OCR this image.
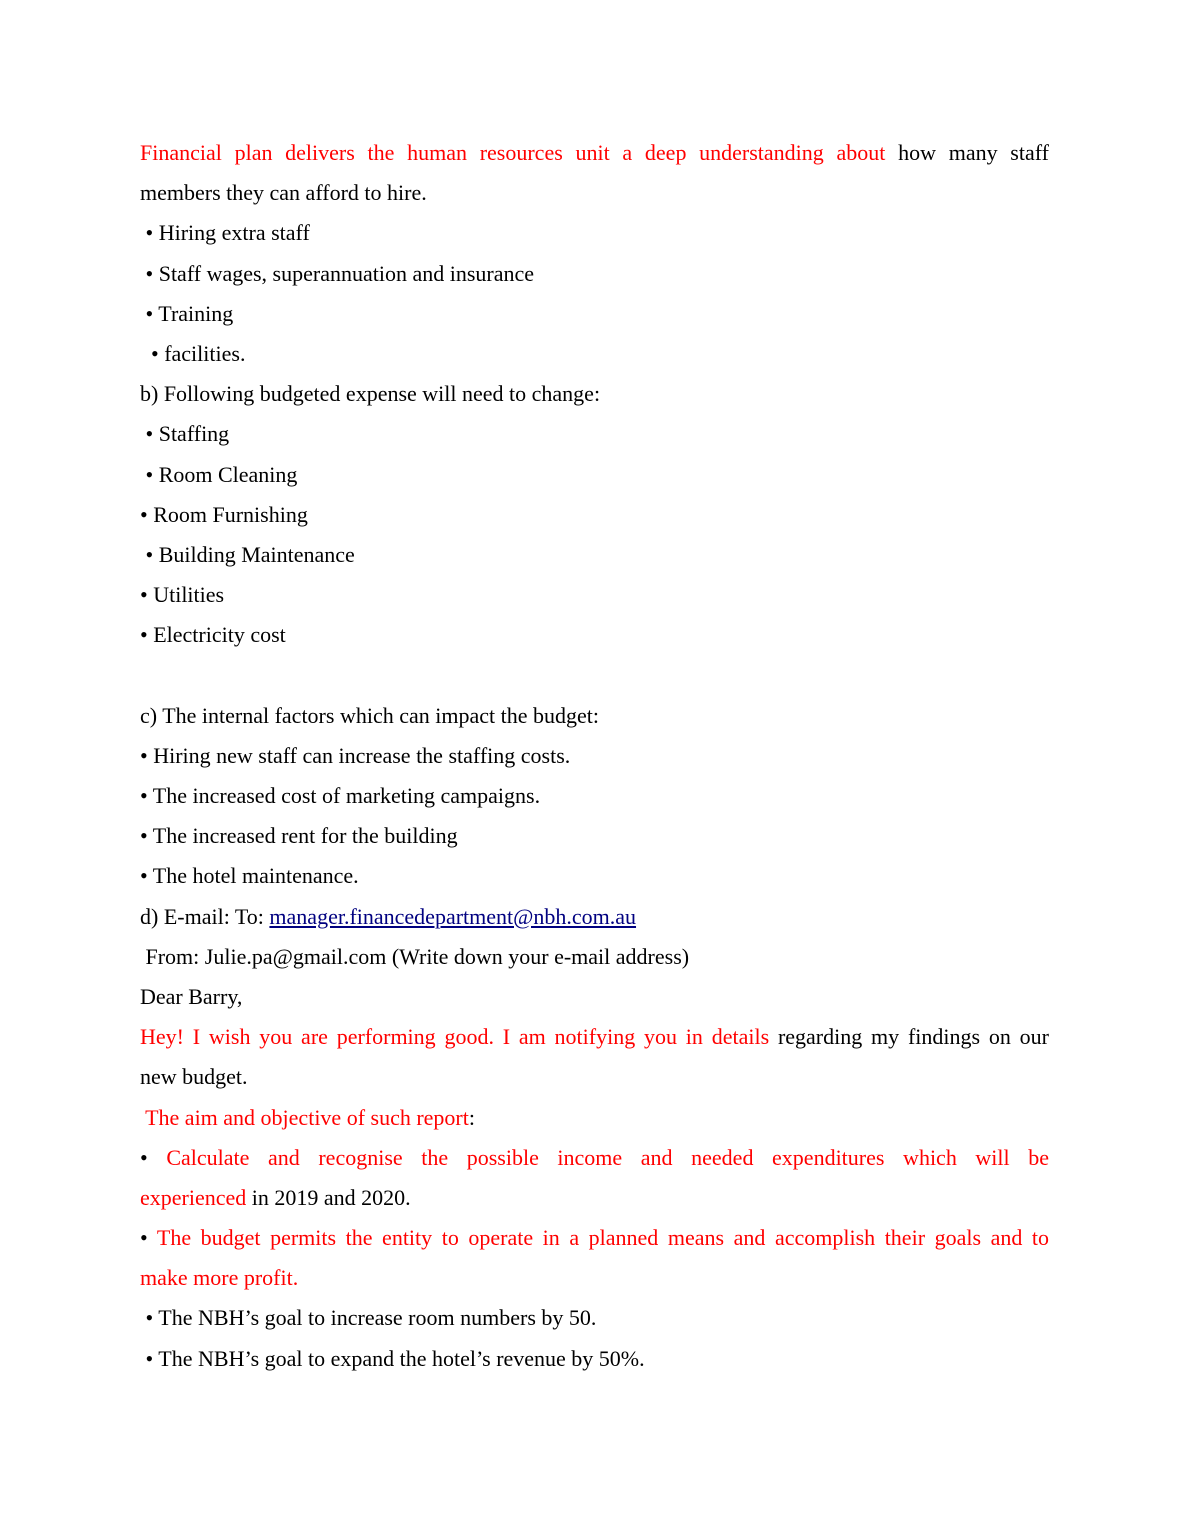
Financial plan delivers the human resources unit a deep understanding about how many staff
members they can afford to hire.
• Hiring extra staff
• Staff wages, superannuation and insurance
• Training
• facilities.
b) Following budgeted expense will need to change:
• Staffing
• Room Cleaning
• Room Furnishing
• Building Maintenance
• Utilities
• Electricity cost
c) The internal factors which can impact the budget:
• Hiring new staff can increase the staffing costs.
• The increased cost of marketing campaigns.
• The increased rent for the building
• The hotel maintenance.
d) E-mail: To: manager.financedepartment@nbh.com.au
From: Julie.pa@gmail.com (Write down your e-mail address)
Dear Barry,
Hey! I wish you are performing good. I am notifying you in details regarding my findings on our
new budget.
The aim and objective of such report:
• Calculate and recognise the possible income and needed expenditures which will be
experienced in 2019 and 2020.
• The budget permits the entity to operate in a planned means and accomplish their goals and to
make more profit.
• The NBH’s goal to increase room numbers by 50.
• The NBH’s goal to expand the hotel’s revenue by 50%.
